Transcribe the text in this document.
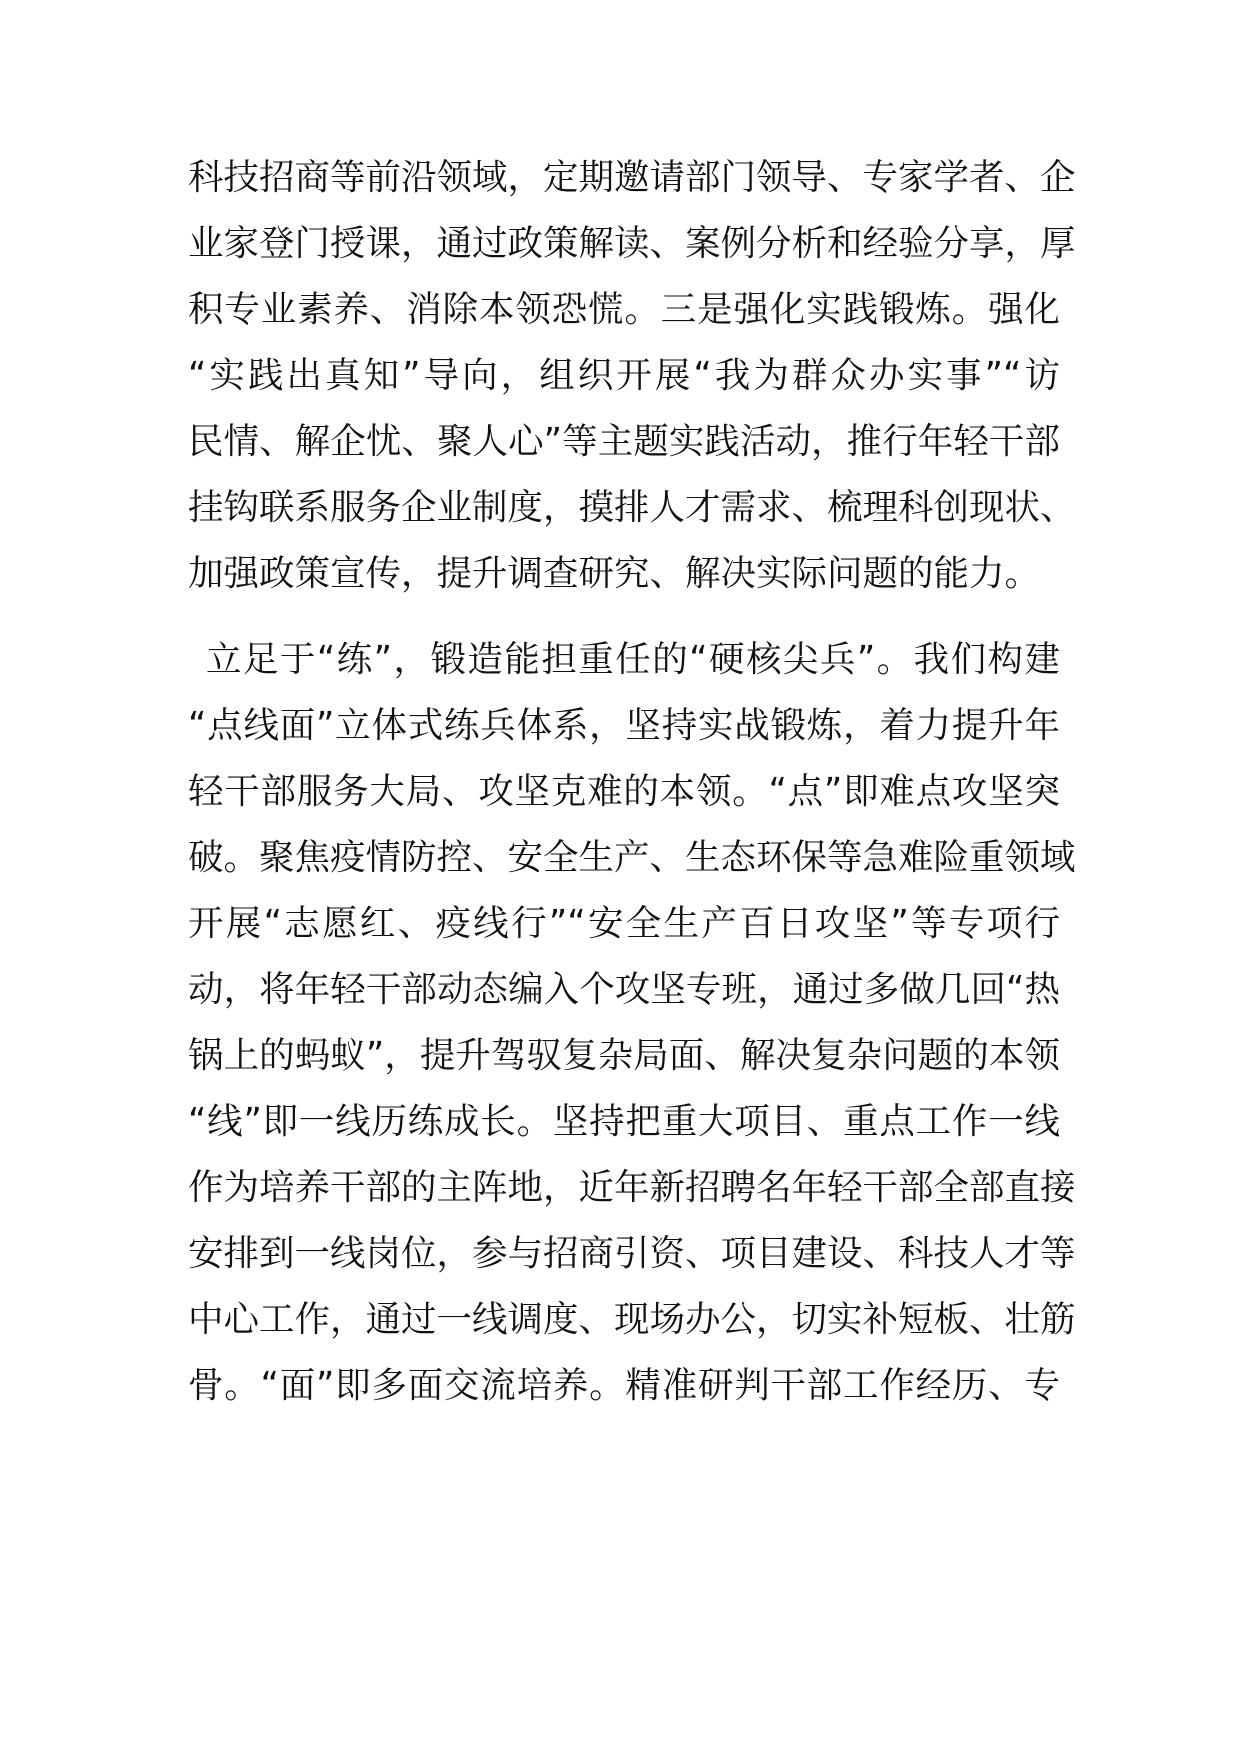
科技招商等前沿领域，定期邀请部门领导、专家学者、企
业家登门授课，通过政策解读、案例分析和经验分享，厚
积专业素养、消除本领恐慌。三是强化实践锻炼。强化
“实践出真知”导向，组织开展“我为群众办实事”“访
民情、解企忧、聚人心”等主题实践活动，推行年轻干部
挂钩联系服务企业制度，摸排人才需求、梳理科创现状、
加强政策宣传，提升调查研究、解决实际问题的能力。
立足于“练”，锻造能担重任的“硬核尖兵”。我们构建
“点线面”立体式练兵体系，坚持实战锻炼，着力提升年
轻干部服务大局、攻坚克难的本领。“点”即难点攻坚突
破。聚焦疫情防控、安全生产、生态环保等急难险重领域
开展“志愿红、疫线行”“安全生产百日攻坚”等专项行
动，将年轻干部动态编入个攻坚专班，通过多做几回“热
锅上的蚂蚁”，提升驾驭复杂局面、解决复杂问题的本领
“线”即一线历练成长。坚持把重大项目、重点工作一线
作为培养干部的主阵地，近年新招聘名年轻干部全部直接
安排到一线岗位，参与招商引资、项目建设、科技人才等
中心工作，通过一线调度、现场办公，切实补短板、壮筋
骨。“面”即多面交流培养。精准研判干部工作经历、专
